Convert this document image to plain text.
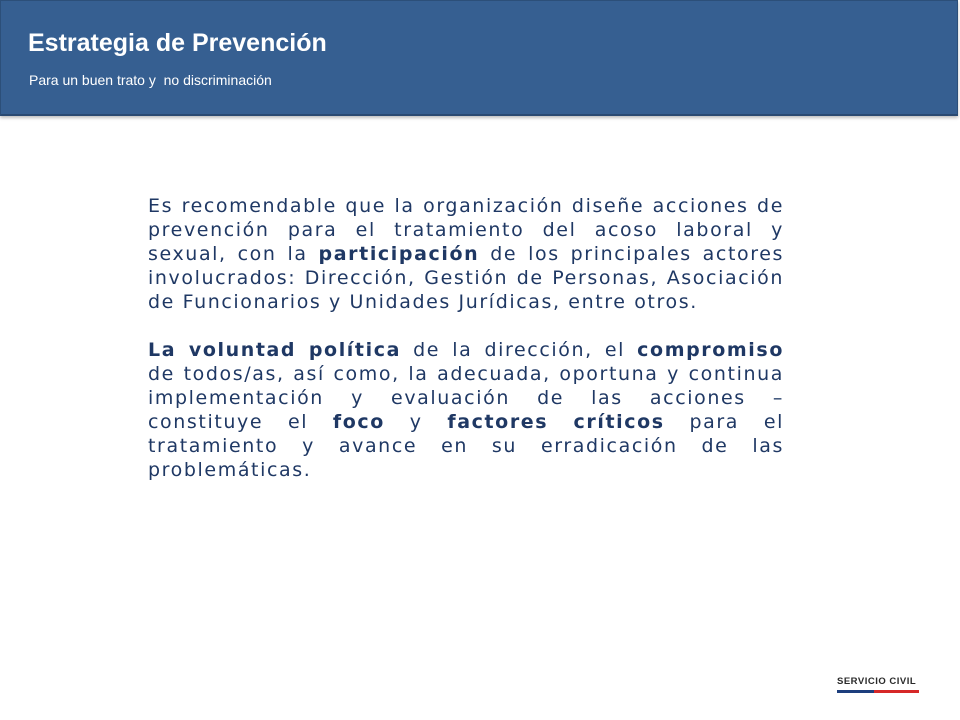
Estrategia de Prevención
Para un buen trato y  no discriminación

Es recomendable que la organización diseñe acciones de prevención para el tratamiento del acoso laboral y sexual, con la participación de los principales actores involucrados: Dirección, Gestión de Personas, Asociación de Funcionarios y Unidades Jurídicas, entre otros.

La voluntad política de la dirección, el compromiso de todos/as, así como, la adecuada, oportuna y continua implementación y evaluación de las acciones – constituye el foco y factores críticos para el tratamiento y avance en su erradicación de las problemáticas.

SERVICIO CIVIL
